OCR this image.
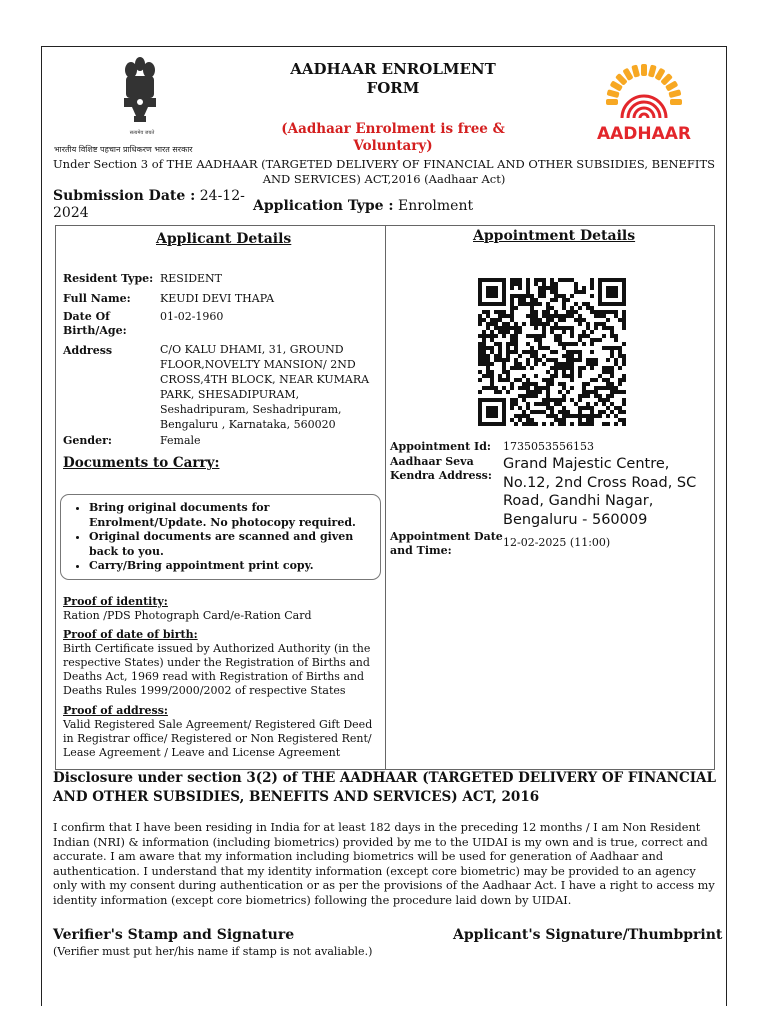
सत्यमेव जयते
भारतीय विशिष्ट पहचान प्राधिकरण भारत सरकार
AADHAAR ENROLMENT
FORM
(Aadhaar Enrolment is free &
Voluntary)
AADHAAR
Under Section 3 of THE AADHAAR (TARGETED DELIVERY OF FINANCIAL AND OTHER SUBSIDIES, BENEFITS AND SERVICES) ACT,2016 (Aadhaar Act)
Submission Date : 24-12-2024	Application Type : Enrolment
Applicant Details	Appointment Details
Resident Type: RESIDENT
Full Name:	KEUDI DEVI THAPA
Date Of Birth/Age:
01-02-1960
Address	C/O KALU DHAMI, 31, GROUND FLOOR,NOVELTY MANSION/ 2ND CROSS,4TH BLOCK, NEAR KUMARA PARK, SHESADIPURAM, Seshadripuram, Seshadripuram, Bengaluru , Karnataka, 560020
Gender:	Female
Documents to Carry:
• Bring original documents for Enrolment/Update. No photocopy required.
• Original documents are scanned and given back to you.
• Carry/Bring appointment print copy.
Proof of identity:
Ration /PDS Photograph Card/e-Ration Card
Proof of date of birth:
Birth Certificate issued by Authorized Authority (in the respective States) under the Registration of Births and Deaths Act, 1969 read with Registration of Births and Deaths Rules 1999/2000/2002 of respective States
Proof of address:
Valid Registered Sale Agreement/ Registered Gift Deed in Registrar office/ Registered or Non Registered Rent/ Lease Agreement / Leave and License Agreement
Appointment Id: 1735053556153
Aadhaar Seva Kendra Address:
Grand Majestic Centre, No.12, 2nd Cross Road, SC Road, Gandhi Nagar, Bengaluru - 560009
Appointment Date and Time:
12-02-2025 (11:00)
Disclosure under section 3(2) of THE AADHAAR (TARGETED DELIVERY OF FINANCIAL AND OTHER SUBSIDIES, BENEFITS AND SERVICES) ACT, 2016
I confirm that I have been residing in India for at least 182 days in the preceding 12 months / I am Non Resident Indian (NRI) & information (including biometrics) provided by me to the UIDAI is my own and is true, correct and accurate. I am aware that my information including biometrics will be used for generation of Aadhaar and authentication. I understand that my identity information (except core biometric) may be provided to an agency only with my consent during authentication or as per the provisions of the Aadhaar Act. I have a right to access my identity information (except core biometrics) following the procedure laid down by UIDAI.
Verifier's Stamp and Signature
(Verifier must put her/his name if stamp is not avaliable.)
Applicant's Signature/Thumbprint
